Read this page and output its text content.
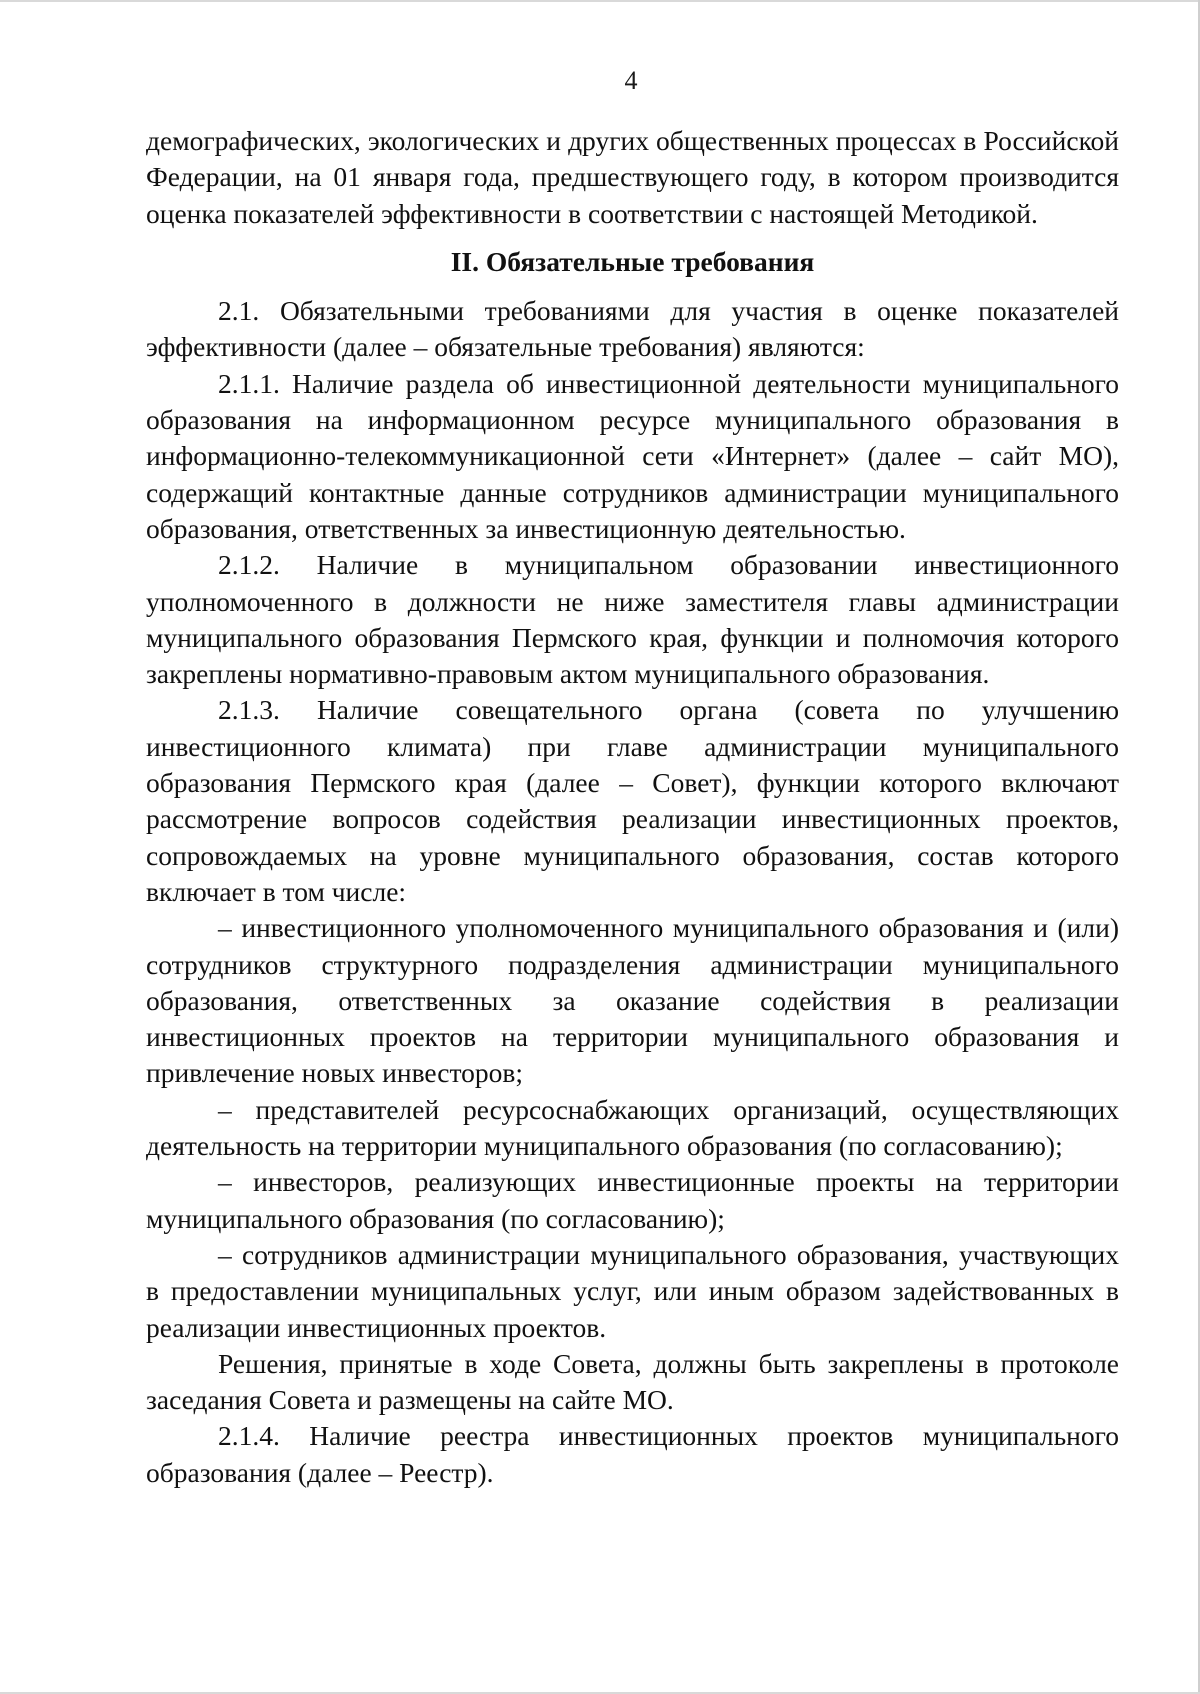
4

демографических, экологических и других общественных процессах в Российской Федерации, на 01 января года, предшествующего году, в котором производится оценка показателей эффективности в соответствии с настоящей Методикой.

II. Обязательные требования

2.1. Обязательными требованиями для участия в оценке показателей эффективности (далее – обязательные требования) являются:

2.1.1. Наличие раздела об инвестиционной деятельности муниципального образования на информационном ресурсе муниципального образования в информационно-телекоммуникационной сети «Интернет» (далее – сайт МО), содержащий контактные данные сотрудников администрации муниципального образования, ответственных за инвестиционную деятельностью.

2.1.2. Наличие в муниципальном образовании инвестиционного уполномоченного в должности не ниже заместителя главы администрации муниципального образования Пермского края, функции и полномочия которого закреплены нормативно-правовым актом муниципального образования.

2.1.3. Наличие совещательного органа (совета по улучшению инвестиционного климата) при главе администрации муниципального образования Пермского края (далее – Совет), функции которого включают рассмотрение вопросов содействия реализации инвестиционных проектов, сопровождаемых на уровне муниципального образования, состав которого включает в том числе:

– инвестиционного уполномоченного муниципального образования и (или) сотрудников структурного подразделения администрации муниципального образования, ответственных за оказание содействия в реализации инвестиционных проектов на территории муниципального образования и привлечение новых инвесторов;

– представителей ресурсоснабжающих организаций, осуществляющих деятельность на территории муниципального образования (по согласованию);

– инвесторов, реализующих инвестиционные проекты на территории муниципального образования (по согласованию);

– сотрудников администрации муниципального образования, участвующих в предоставлении муниципальных услуг, или иным образом задействованных в реализации инвестиционных проектов.

Решения, принятые в ходе Совета, должны быть закреплены в протоколе заседания Совета и размещены на сайте МО.

2.1.4. Наличие реестра инвестиционных проектов муниципального образования (далее – Реестр).
